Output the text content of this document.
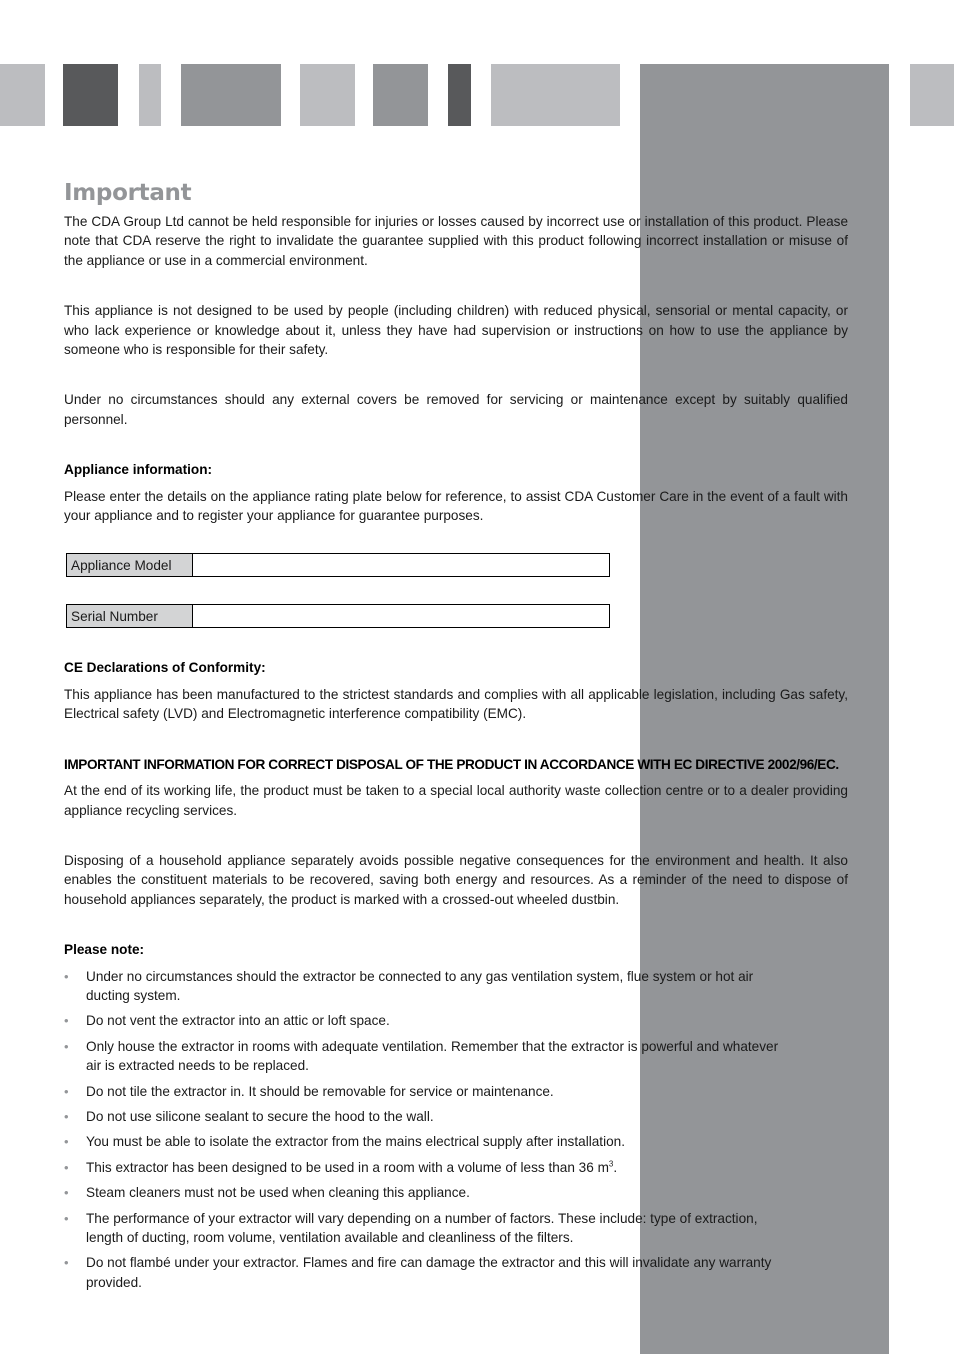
Important

The CDA Group Ltd cannot be held responsible for injuries or losses caused by incorrect use or installation of this product. Please note that CDA reserve the right to invalidate the guarantee supplied with this product following incorrect installation or misuse of the appliance or use in a commercial environment.

This appliance is not designed to be used by people (including children) with reduced physical, sensorial or mental capacity, or who lack experience or knowledge about it, unless they have had supervision or instructions on how to use the appliance by someone who is responsible for their safety.

Under no circumstances should any external covers be removed for servicing or maintenance except by suitably qualified personnel.

Appliance information:

Please enter the details on the appliance rating plate below for reference, to assist CDA Customer Care in the event of a fault with your appliance and to register your appliance for guarantee purposes.

Appliance Model
Serial Number
CE Declarations of Conformity:

This appliance has been manufactured to the strictest standards and complies with all applicable legislation, including Gas safety, Electrical safety (LVD) and Electromagnetic interference compatibility (EMC).

IMPORTANT INFORMATION FOR CORRECT DISPOSAL OF THE PRODUCT IN ACCORDANCE WITH EC DIRECTIVE 2002/96/EC.

At the end of its working life, the product must be taken to a special local authority waste collection centre or to a dealer providing appliance recycling services.

Disposing of a household appliance separately avoids possible negative consequences for the environment and health. It also enables the constituent materials to be recovered, saving both energy and resources. As a reminder of the need to dispose of household appliances separately, the product is marked with a crossed-out wheeled dustbin.

Please note:
• Under no circumstances should the extractor be connected to any gas ventilation system, flue system or hot air ducting system.
• Do not vent the extractor into an attic or loft space.
• Only house the extractor in rooms with adequate ventilation. Remember that the extractor is powerful and whatever air is extracted needs to be replaced.
• Do not tile the extractor in. It should be removable for service or maintenance.
• Do not use silicone sealant to secure the hood to the wall.
• You must be able to isolate the extractor from the mains electrical supply after installation.
• This extractor has been designed to be used in a room with a volume of less than 36 $m^3$.
• Steam cleaners must not be used when cleaning this appliance.
• The performance of your extractor will vary depending on a number of factors. These include: type of extraction, length of ducting, room volume, ventilation available and cleanliness of the filters.
• Do not flambé under your extractor. Flames and fire can damage the extractor and this will invalidate any warranty provided.
